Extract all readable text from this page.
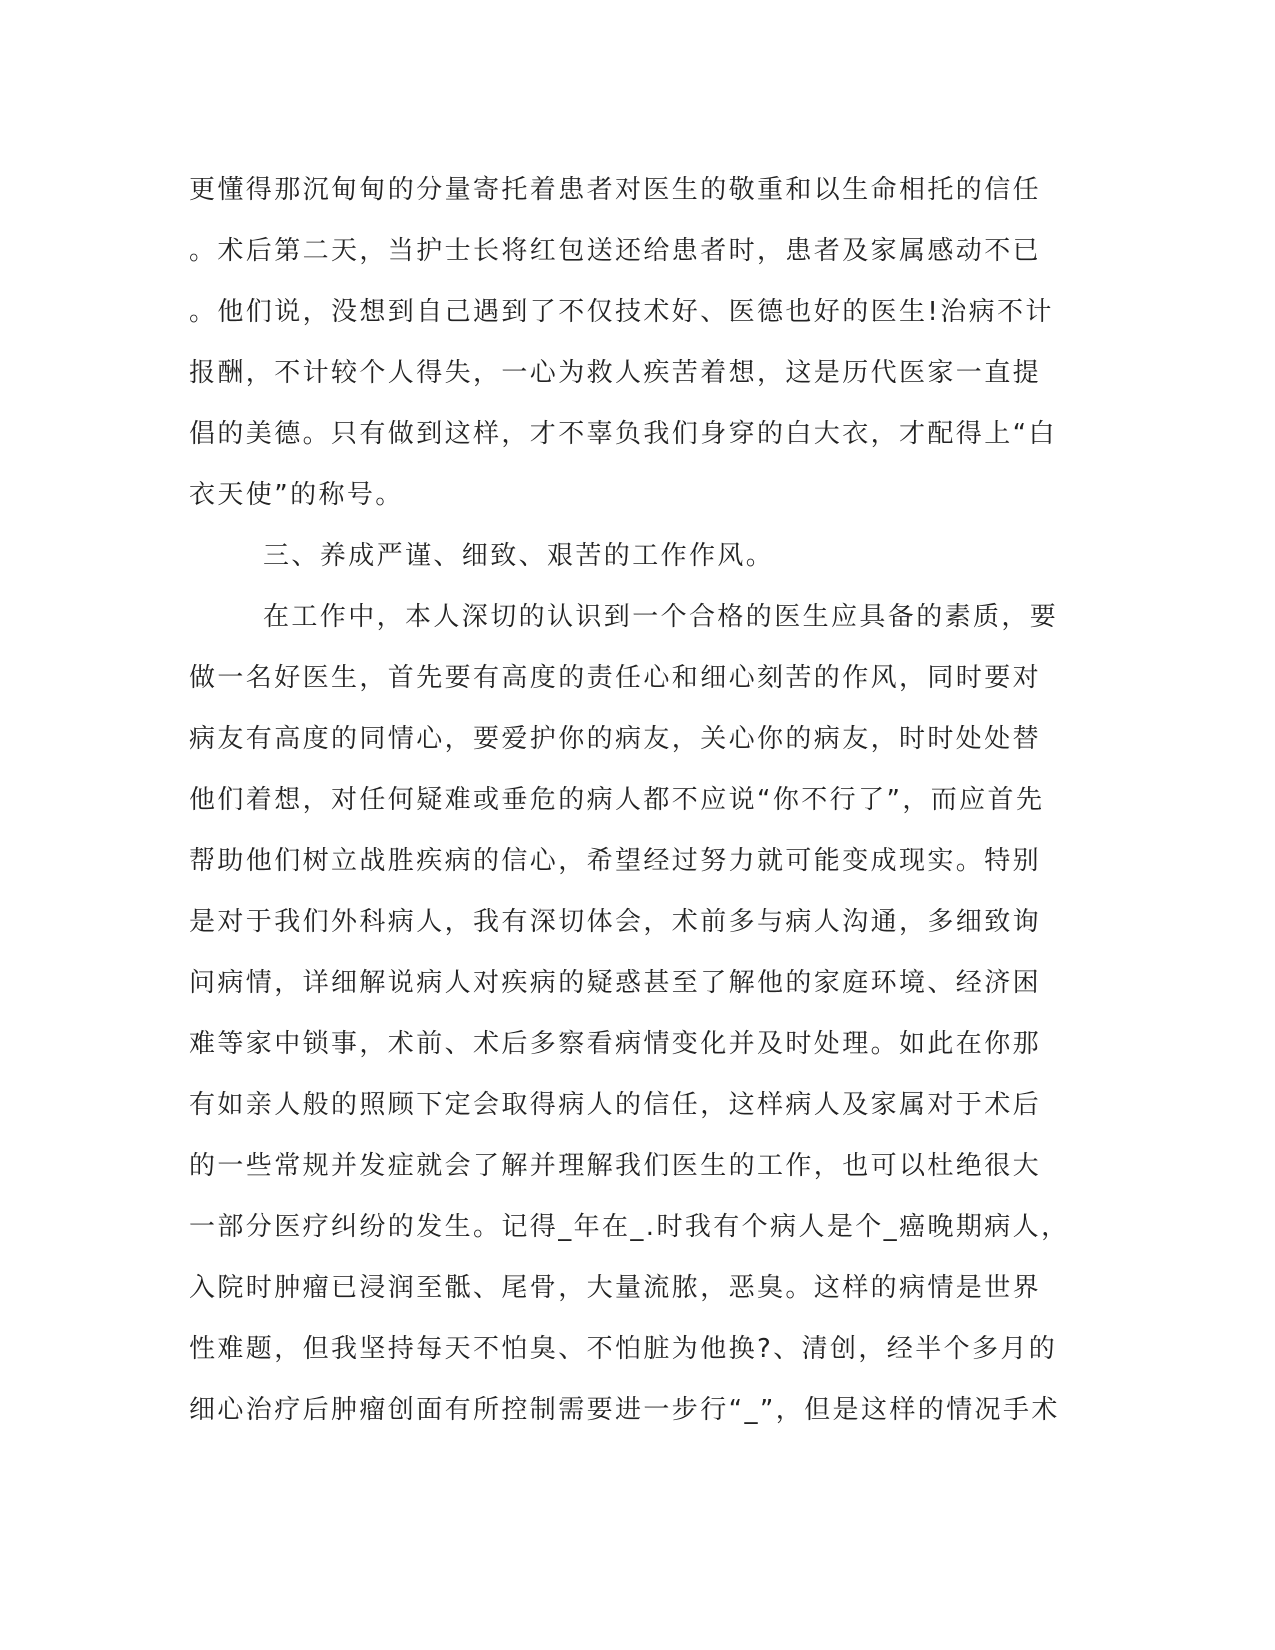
更懂得那沉甸甸的分量寄托着患者对医生的敬重和以生命相托的信任
。术后第二天，当护士长将红包送还给患者时，患者及家属感动不已
。他们说，没想到自己遇到了不仅技术好、医德也好的医生!治病不计
报酬，不计较个人得失，一心为救人疾苦着想，这是历代医家一直提
倡的美德。只有做到这样，才不辜负我们身穿的白大衣，才配得上“白
衣天使”的称号。
三、养成严谨、细致、艰苦的工作作风。
在工作中，本人深切的认识到一个合格的医生应具备的素质，要
做一名好医生，首先要有高度的责任心和细心刻苦的作风，同时要对
病友有高度的同情心，要爱护你的病友，关心你的病友，时时处处替
他们着想，对任何疑难或垂危的病人都不应说“你不行了”，而应首先
帮助他们树立战胜疾病的信心，希望经过努力就可能变成现实。特别
是对于我们外科病人，我有深切体会，术前多与病人沟通，多细致询
问病情，详细解说病人对疾病的疑惑甚至了解他的家庭环境、经济困
难等家中锁事，术前、术后多察看病情变化并及时处理。如此在你那
有如亲人般的照顾下定会取得病人的信任，这样病人及家属对于术后
的一些常规并发症就会了解并理解我们医生的工作，也可以杜绝很大
一部分医疗纠纷的发生。记得_年在_.时我有个病人是个_癌晚期病人，
入院时肿瘤已浸润至骶、尾骨，大量流脓，恶臭。这样的病情是世界
性难题，但我坚持每天不怕臭、不怕脏为他换?、清创，经半个多月的
细心治疗后肿瘤创面有所控制需要进一步行“_”，但是这样的情况手术
